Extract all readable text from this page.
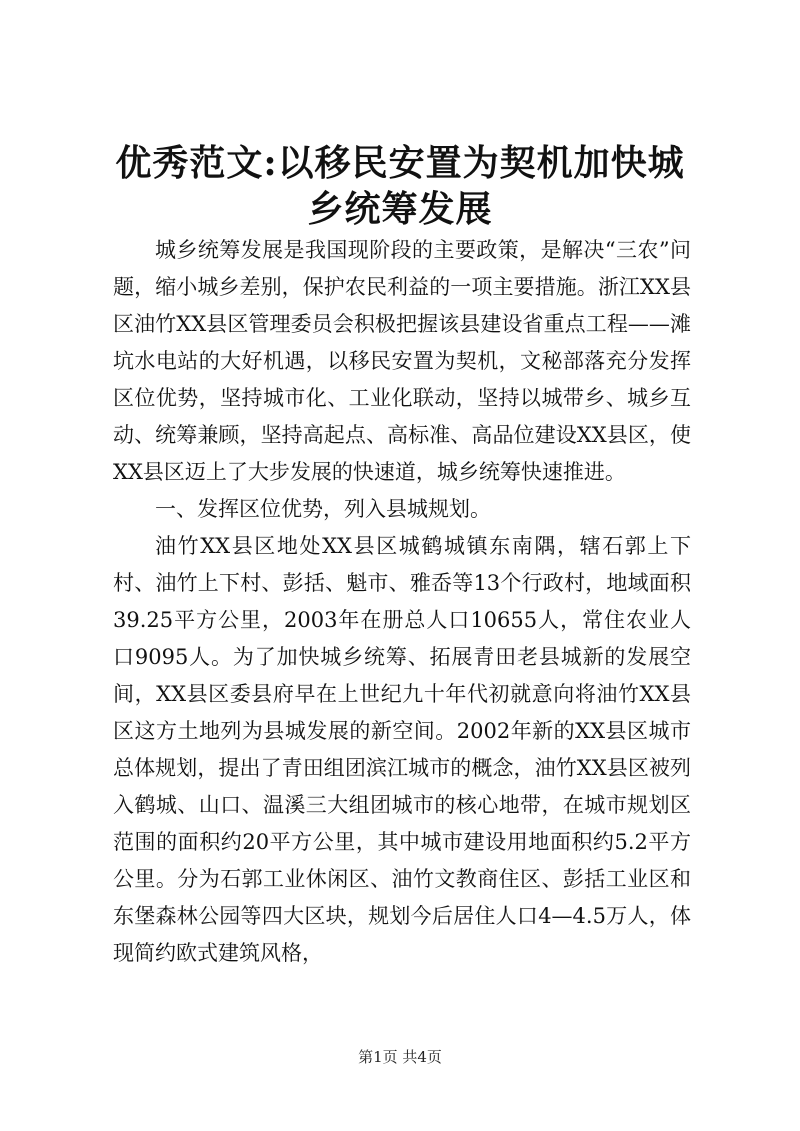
优秀范文:以移民安置为契机加快城乡统筹发展

城乡统筹发展是我国现阶段的主要政策，是解决“三农”问题，缩小城乡差别，保护农民利益的一项主要措施。浙江XX县区油竹XX县区管理委员会积极把握该县建设省重点工程——滩坑水电站的大好机遇，以移民安置为契机，文秘部落充分发挥区位优势，坚持城市化、工业化联动，坚持以城带乡、城乡互动、统筹兼顾，坚持高起点、高标准、高品位建设XX县区，使XX县区迈上了大步发展的快速道，城乡统筹快速推进。

一、发挥区位优势，列入县城规划。

油竹XX县区地处XX县区城鹤城镇东南隅，辖石郭上下村、油竹上下村、彭括、魁市、雅岙等13个行政村，地域面积39.25平方公里，2003年在册总人口10655人，常住农业人口9095人。为了加快城乡统筹、拓展青田老县城新的发展空间，XX县区委县府早在上世纪九十年代初就意向将油竹XX县区这方土地列为县城发展的新空间。2002年新的XX县区城市总体规划，提出了青田组团滨江城市的概念，油竹XX县区被列入鹤城、山口、温溪三大组团城市的核心地带，在城市规划区范围的面积约20平方公里，其中城市建设用地面积约5.2平方公里。分为石郭工业休闲区、油竹文教商住区、彭括工业区和东堡森林公园等四大区块，规划今后居住人口4—4.5万人，体现简约欧式建筑风格，

第1页 共4页
